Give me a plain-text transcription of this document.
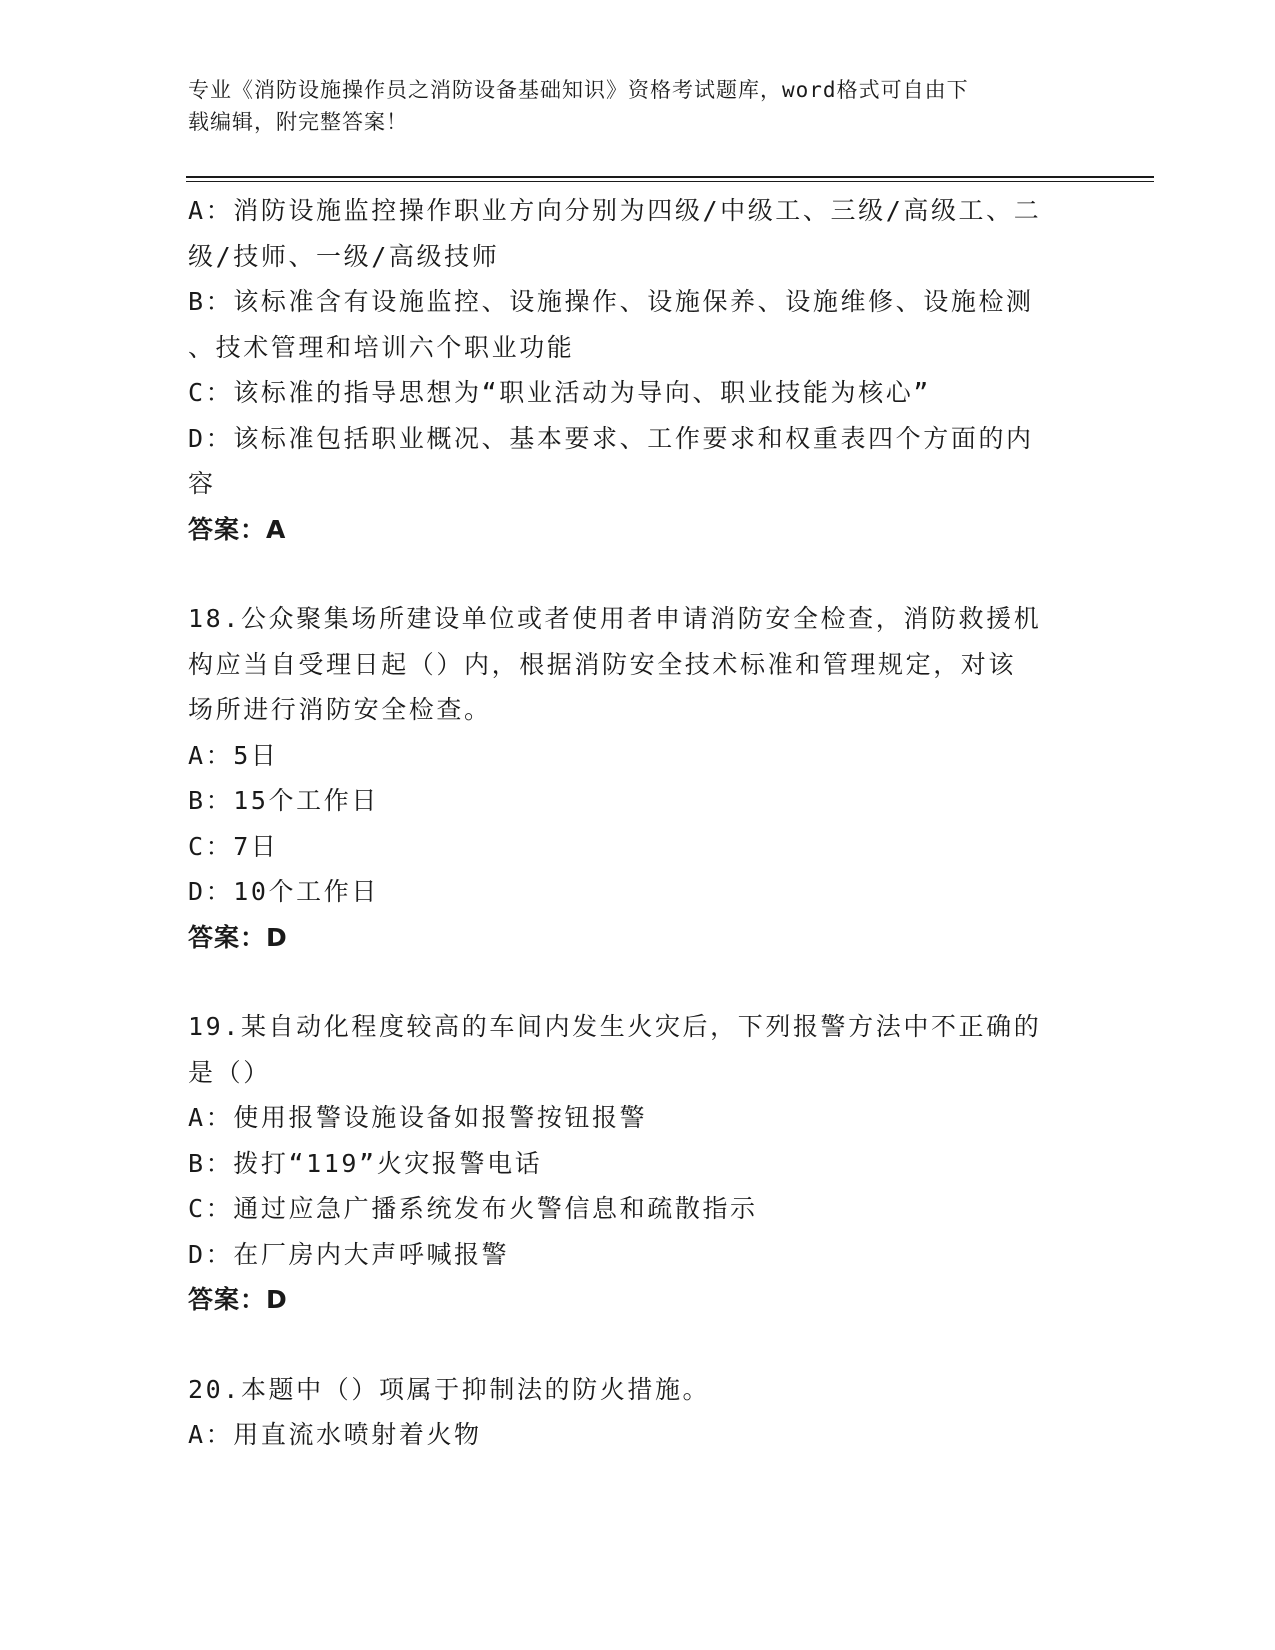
专业《消防设施操作员之消防设备基础知识》资格考试题库，word格式可自由下
载编辑，附完整答案！
A：消防设施监控操作职业方向分别为四级/中级工、三级/高级工、二
级/技师、一级/高级技师
B：该标准含有设施监控、设施操作、设施保养、设施维修、设施检测
、技术管理和培训六个职业功能
C：该标准的指导思想为“职业活动为导向、职业技能为核心”
D：该标准包括职业概况、基本要求、工作要求和权重表四个方面的内
容
答案：A
18.公众聚集场所建设单位或者使用者申请消防安全检查，消防救援机
构应当自受理日起（）内，根据消防安全技术标准和管理规定，对该
场所进行消防安全检查。
A：5日
B：15个工作日
C：7日
D：10个工作日
答案：D
19.某自动化程度较高的车间内发生火灾后，下列报警方法中不正确的
是（）
A：使用报警设施设备如报警按钮报警
B：拨打“119”火灾报警电话
C：通过应急广播系统发布火警信息和疏散指示
D：在厂房内大声呼喊报警
答案：D
20.本题中（）项属于抑制法的防火措施。
A：用直流水喷射着火物
